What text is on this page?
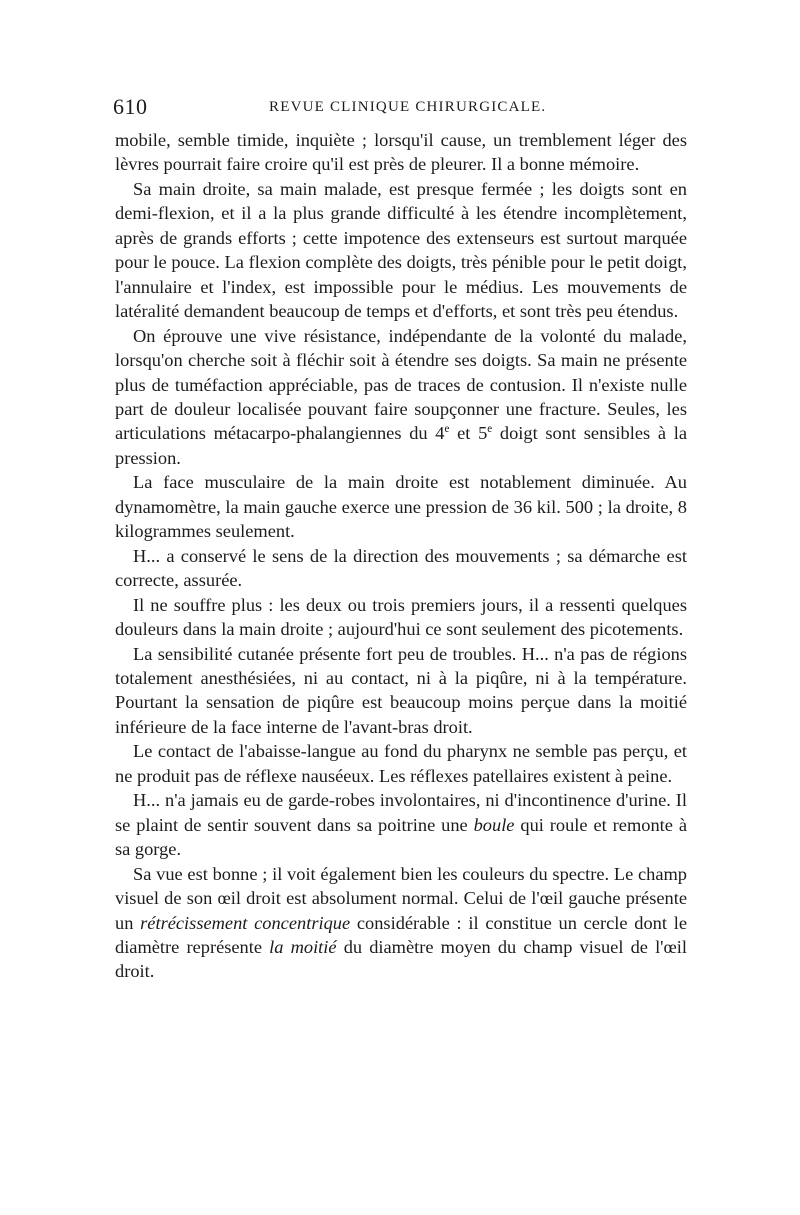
610	REVUE CLINIQUE CHIRURGICALE.

mobile, semble timide, inquiète ; lorsqu'il cause, un tremblement léger des lèvres pourrait faire croire qu'il est près de pleurer. Il a bonne mémoire.

Sa main droite, sa main malade, est presque fermée ; les doigts sont en demi-flexion, et il a la plus grande difficulté à les étendre incomplètement, après de grands efforts ; cette impotence des extenseurs est surtout marquée pour le pouce. La flexion complète des doigts, très pénible pour le petit doigt, l'annulaire et l'index, est impossible pour le médius. Les mouvements de latéralité demandent beaucoup de temps et d'efforts, et sont très peu étendus.

On éprouve une vive résistance, indépendante de la volonté du malade, lorsqu'on cherche soit à fléchir soit à étendre ses doigts. Sa main ne présente plus de tuméfaction appréciable, pas de traces de contusion. Il n'existe nulle part de douleur localisée pouvant faire soupçonner une fracture. Seules, les articulations métacarpo-phalangiennes du 4e et 5e doigt sont sensibles à la pression.

La face musculaire de la main droite est notablement diminuée. Au dynamomètre, la main gauche exerce une pression de 36 kil. 500 ; la droite, 8 kilogrammes seulement.

H... a conservé le sens de la direction des mouvements ; sa démarche est correcte, assurée.

Il ne souffre plus : les deux ou trois premiers jours, il a ressenti quelques douleurs dans la main droite ; aujourd'hui ce sont seulement des picotements.

La sensibilité cutanée présente fort peu de troubles. H... n'a pas de régions totalement anesthésiées, ni au contact, ni à la piqûre, ni à la température. Pourtant la sensation de piqûre est beaucoup moins perçue dans la moitié inférieure de la face interne de l'avant-bras droit.

Le contact de l'abaisse-langue au fond du pharynx ne semble pas perçu, et ne produit pas de réflexe nauséeux. Les réflexes patellaires existent à peine.

H... n'a jamais eu de garde-robes involontaires, ni d'incontinence d'urine. Il se plaint de sentir souvent dans sa poitrine une boule qui roule et remonte à sa gorge.

Sa vue est bonne ; il voit également bien les couleurs du spectre. Le champ visuel de son œil droit est absolument normal. Celui de l'œil gauche présente un rétrécissement concentrique considérable : il constitue un cercle dont le diamètre représente la moitié du diamètre moyen du champ visuel de l'œil droit.
